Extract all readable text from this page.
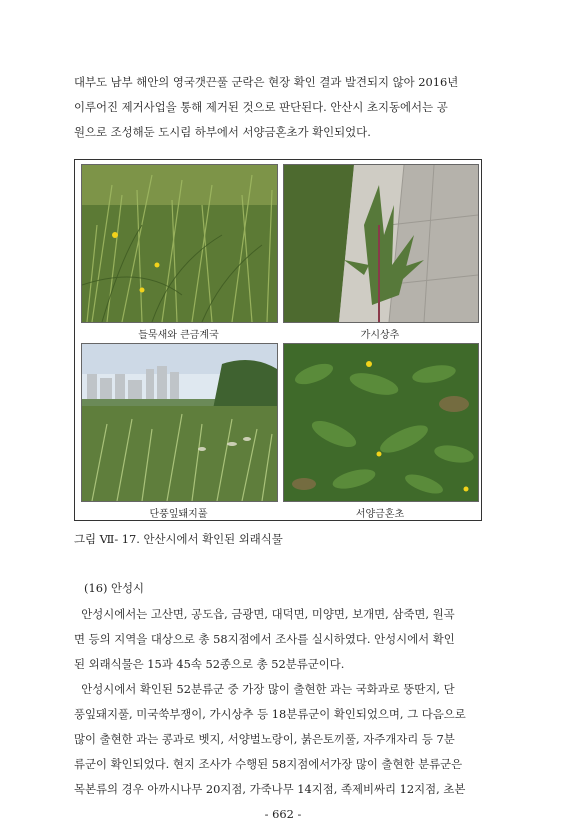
대부도 남부 해안의 영국갯끈풀 군락은 현장 확인 결과 발견되지 않아 2016년
이루어진 제거사업을 통해 제거된 것으로 판단된다. 안산시 초지동에서는 공
원으로 조성해둔 도시림 하부에서 서양금혼초가 확인되었다.

들묵새와 큰금계국	가시상추
단풍잎돼지풀	서양금혼초
그림 Ⅶ- 17. 안산시에서 확인된 외래식물
(16) 안성시

안성시에서는 고산면, 공도읍, 금광면, 대덕면, 미양면, 보개면, 삼죽면, 원곡
면 등의 지역을 대상으로 총 58지점에서 조사를 실시하였다. 안성시에서 확인
된 외래식물은 15과 45속 52종으로 총 52분류군이다.
안성시에서 확인된 52분류군 중 가장 많이 출현한 과는 국화과로 뚱딴지, 단
풍잎돼지풀, 미국쑥부쟁이, 가시상추 등 18분류군이 확인되었으며, 그 다음으로
많이 출현한 과는 콩과로 벳지, 서양벌노랑이, 붉은토끼풀, 자주개자리 등 7분
류군이 확인되었다. 현지 조사가 수행된 58지점에서가장 많이 출현한 분류군은
목본류의 경우 아까시나무 20지점, 가죽나무 14지점, 족제비싸리 12지점, 초본

- 662 -
